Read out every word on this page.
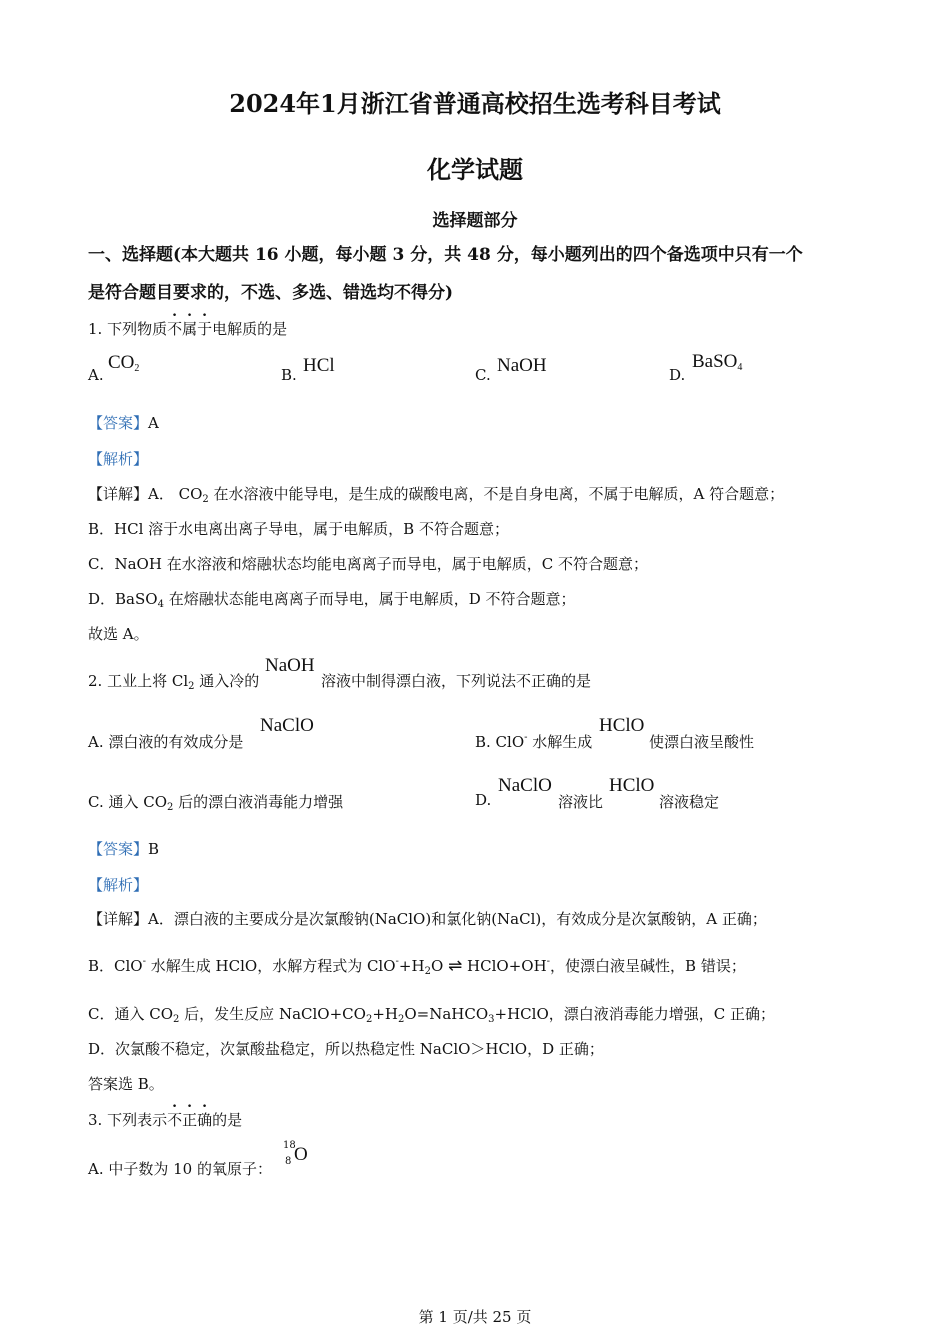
2024年1月浙江省普通高校招生选考科目考试
化学试题
选择题部分
一、选择题(本大题共 16 小题，每小题 3 分，共 48 分，每小题列出的四个备选项中只有一个
是符合题目要求的，不选、多选、错选均不得分)
1. 下列物质不属于电解质的是
A.
$CO_2$	B. HCl	C. NaOH	D.
BaSO$_4$
【答案】A
【解析】
【详解】A． $CO_2$ 在水溶液中能导电，是生成的碳酸电离，不是自身电离，不属于电解质，A 符合题意；
B．HCl 溶于水电离出离子导电，属于电解质，B 不符合题意；
C．NaOH 在水溶液和熔融状态均能电离离子而导电，属于电解质，C 不符合题意；
D．BaSO$_4$ 在熔融状态能电离离子而导电，属于电解质，D 不符合题意；
故选 A。
2. 工业上将 $Cl_2$ 通入冷的
NaOH
溶液中制得漂白液，下列说法不正确的是
A. 漂白液的有效成分是
NaClO
B. ClO- 水解生成
HClO
使漂白液呈酸性
C. 通入 $CO_2$ 后的漂白液消毒能力增强	D.
NaClO
溶液比
HClO
溶液稳定
【答案】B
【解析】
【详解】A．漂白液的主要成分是次氯酸钠(NaClO)和氯化钠(NaCl)，有效成分是次氯酸钠，A 正确；
B．ClO- 水解生成 HClO，水解方程式为 $ClO^-+H_2O$ ⇌ HClO+OH-，使漂白液呈碱性，B 错误；
C．通入 $CO_2$ 后，发生反应 $NaClO+CO_2+H_2O=NaHCO_3+HClO$，漂白液消毒能力增强，C 正确；
D．次氯酸不稳定，次氯酸盐稳定，所以热稳定性 NaClO＞HClO，D 正确；
答案选 B。
3. 下列表示不正确的是
A. 中子数为 10 的氧原子：
18
8 O
第 1 页/共 25 页
